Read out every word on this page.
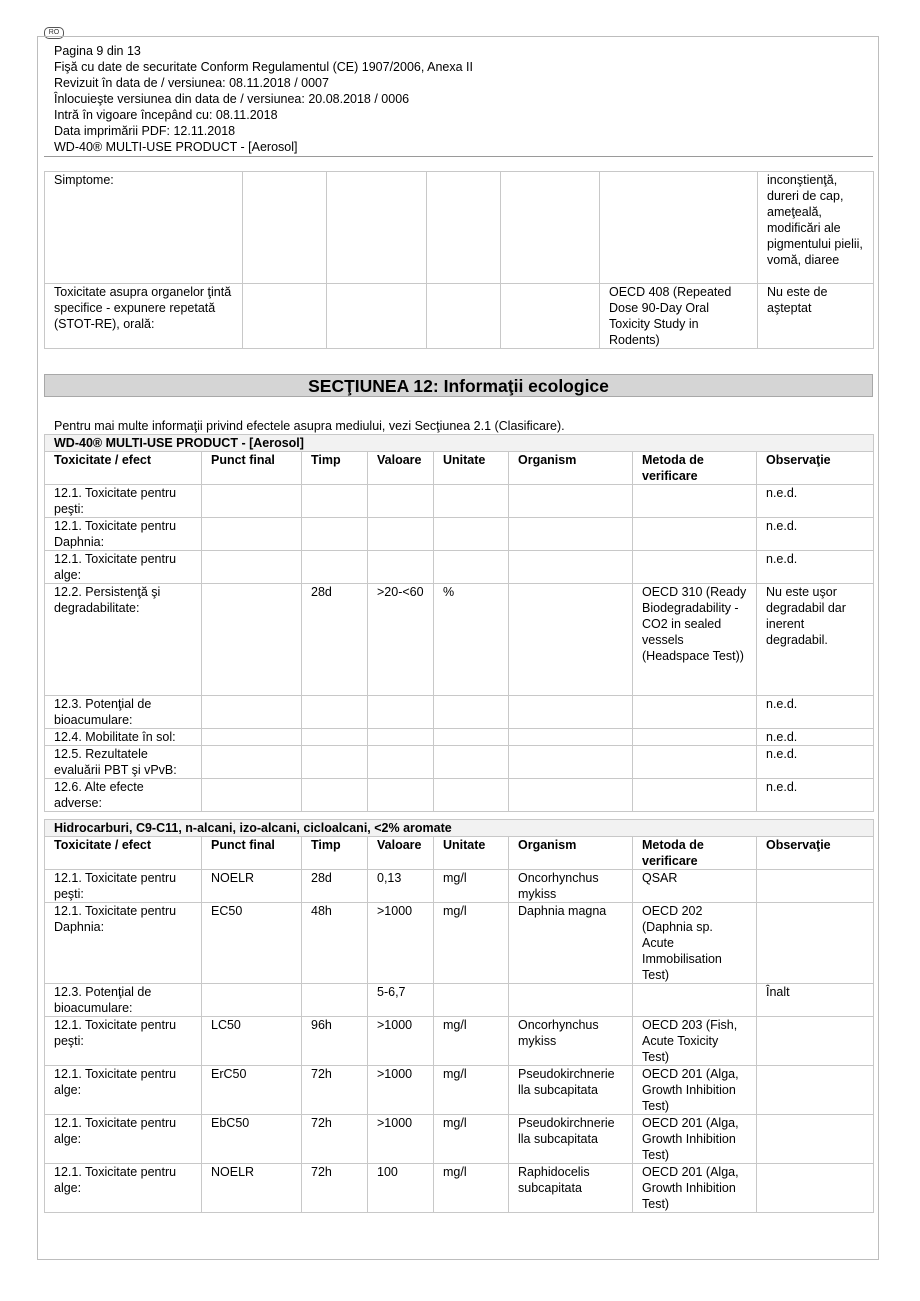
RO
Pagina 9 din 13
Fişă cu date de securitate Conform Regulamentul (CE) 1907/2006, Anexa II
Revizuit în data de / versiunea: 08.11.2018 / 0007
Înlocuieşte versiunea din data de / versiunea: 20.08.2018 / 0006
Intră în vigoare începând cu: 08.11.2018
Data imprimării PDF: 12.11.2018
WD-40® MULTI-USE PRODUCT - [Aerosol]
Simptome:						inconştienţă, dureri de cap, ameţeală, modificări ale pigmentului pielii, vomă, diaree
Toxicitate asupra organelor ţintă specifice - expunere repetată (STOT-RE), orală:					OECD 408 (Repeated Dose 90-Day Oral Toxicity Study in Rodents)	Nu este de aşteptat
SECŢIUNEA 12: Informaţii ecologice
Pentru mai multe informaţii privind efectele asupra mediului, vezi Secţiunea 2.1 (Clasificare).
WD-40® MULTI-USE PRODUCT - [Aerosol]							
Toxicitate / efect	Punct final	Timp	Valoare	Unitate	Organism	Metoda de verificare	Observaţie
12.1. Toxicitate pentru peşti:							n.e.d.
12.1. Toxicitate pentru Daphnia:							n.e.d.
12.1. Toxicitate pentru alge:							n.e.d.
12.2. Persistenţă şi degradabilitate:		28d	>20-<60	%		OECD 310 (Ready Biodegradability - CO2 in sealed vessels (Headspace Test))	Nu este uşor degradabil dar inerent degradabil.
12.3. Potenţial de bioacumulare:							n.e.d.
12.4. Mobilitate în sol:							n.e.d.
12.5. Rezultatele evaluării PBT şi vPvB:							n.e.d.
12.6. Alte efecte adverse:							n.e.d.
Hidrocarburi, C9-C11, n-alcani, izo-alcani, cicloalcani, <2% aromate							
Toxicitate / efect	Punct final	Timp	Valoare	Unitate	Organism	Metoda de verificare	Observaţie
12.1. Toxicitate pentru peşti:	NOELR	28d	0,13	mg/l	Oncorhynchus mykiss	QSAR	
12.1. Toxicitate pentru Daphnia:	EC50	48h	>1000	mg/l	Daphnia magna	OECD 202 (Daphnia sp. Acute Immobilisation Test)	
12.3. Potenţial de bioacumulare:			5-6,7				Înalt
12.1. Toxicitate pentru peşti:	LC50	96h	>1000	mg/l	Oncorhynchus mykiss	OECD 203 (Fish, Acute Toxicity Test)	
12.1. Toxicitate pentru alge:	ErC50	72h	>1000	mg/l	Pseudokirchnerie lla subcapitata	OECD 201 (Alga, Growth Inhibition Test)	
12.1. Toxicitate pentru alge:	EbC50	72h	>1000	mg/l	Pseudokirchnerie lla subcapitata	OECD 201 (Alga, Growth Inhibition Test)	
12.1. Toxicitate pentru alge:	NOELR	72h	100	mg/l	Raphidocelis subcapitata	OECD 201 (Alga, Growth Inhibition Test)	
